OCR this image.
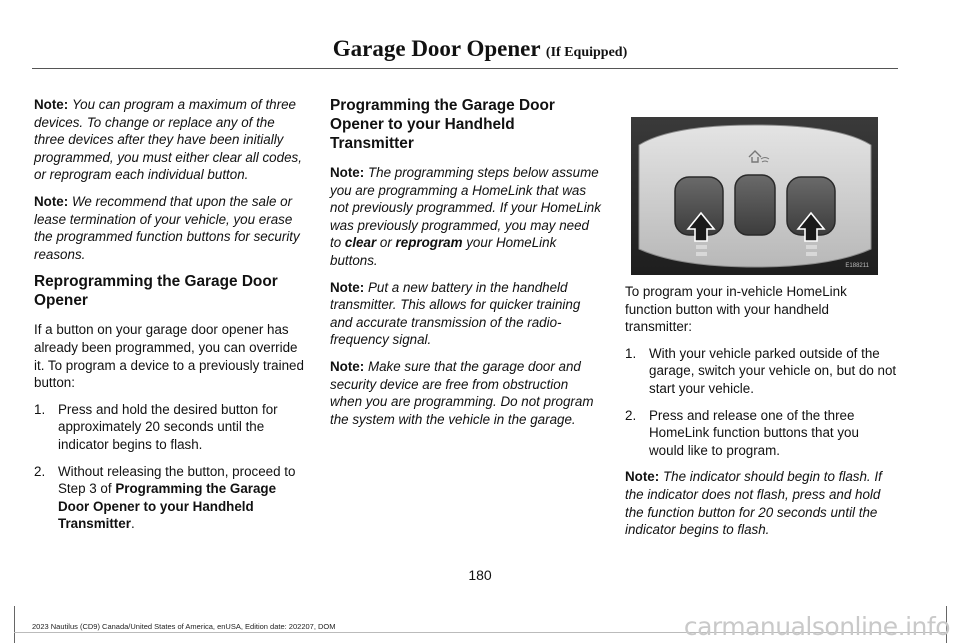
Garage Door Opener (If Equipped)

Note: You can program a maximum of three devices. To change or replace any of the three devices after they have been initially programmed, you must either clear all codes, or reprogram each individual button.

Note: We recommend that upon the sale or lease termination of your vehicle, you erase the programmed function buttons for security reasons.

Reprogramming the Garage Door Opener

If a button on your garage door opener has already been programmed, you can override it. To program a device to a previously trained button:

1. Press and hold the desired button for approximately 20 seconds until the indicator begins to flash.
2. Without releasing the button, proceed to Step 3 of Programming the Garage Door Opener to your Handheld Transmitter.
Programming the Garage Door Opener to your Handheld Transmitter

Note: The programming steps below assume you are programming a HomeLink that was not previously programmed. If your HomeLink was previously programmed, you may need to clear or reprogram your HomeLink buttons.

Note: Put a new battery in the handheld transmitter. This allows for quicker training and accurate transmission of the radio-frequency signal.

Note: Make sure that the garage door and security device are free from obstruction when you are programming. Do not program the system with the vehicle in the garage.

E188211

To program your in-vehicle HomeLink function button with your handheld transmitter:

1. With your vehicle parked outside of the garage, switch your vehicle on, but do not start your vehicle.
2. Press and release one of the three HomeLink function buttons that you would like to program.

Note: The indicator should begin to flash. If the indicator does not flash, press and hold the function button for 20 seconds until the indicator begins to flash.

180
2023 Nautilus (CD9) Canada/United States of America, enUSA, Edition date: 202207, DOM	carmanualsonline.info
